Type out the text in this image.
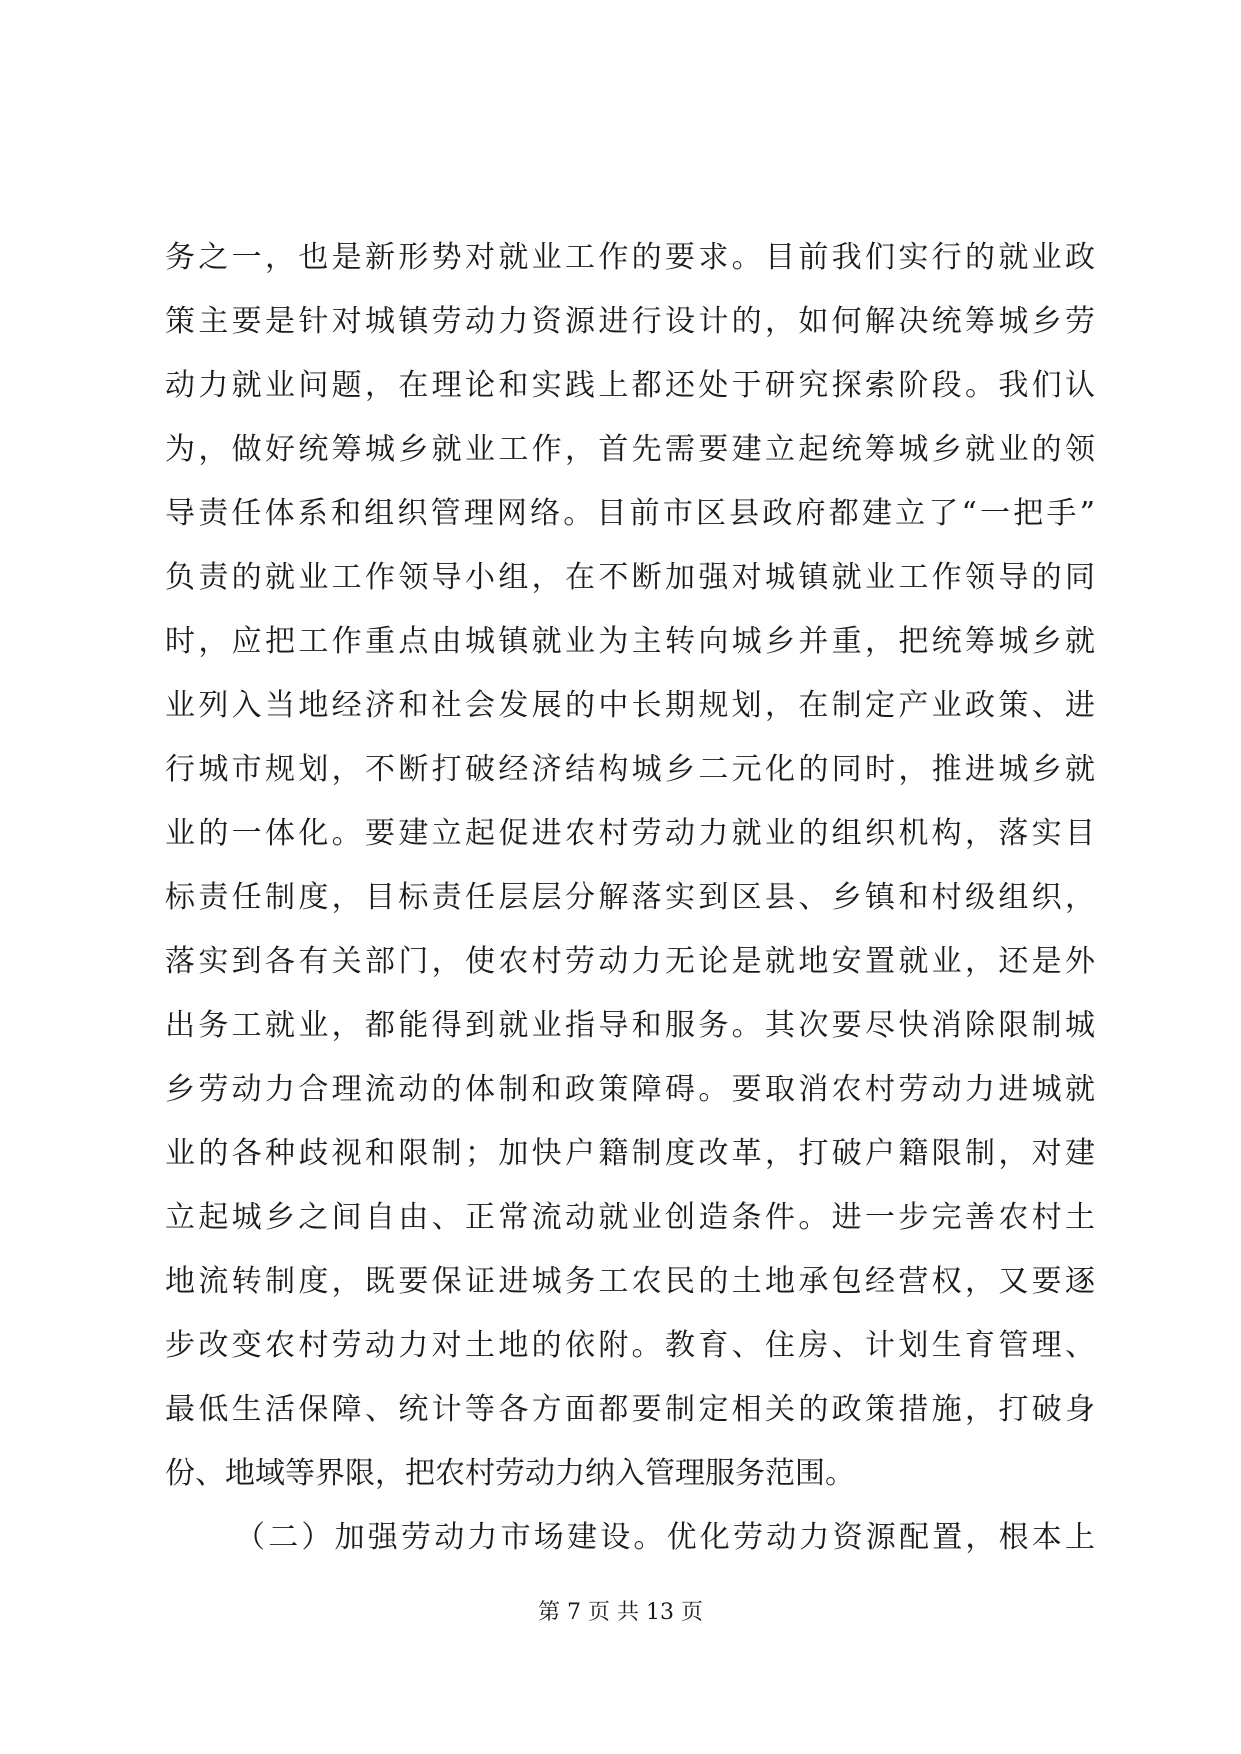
务之一，也是新形势对就业工作的要求。目前我们实行的就业政
策主要是针对城镇劳动力资源进行设计的，如何解决统筹城乡劳
动力就业问题，在理论和实践上都还处于研究探索阶段。我们认
为，做好统筹城乡就业工作，首先需要建立起统筹城乡就业的领
导责任体系和组织管理网络。目前市区县政府都建立了“一把手”
负责的就业工作领导小组，在不断加强对城镇就业工作领导的同
时，应把工作重点由城镇就业为主转向城乡并重，把统筹城乡就
业列入当地经济和社会发展的中长期规划，在制定产业政策、进
行城市规划，不断打破经济结构城乡二元化的同时，推进城乡就
业的一体化。要建立起促进农村劳动力就业的组织机构，落实目
标责任制度，目标责任层层分解落实到区县、乡镇和村级组织，
落实到各有关部门，使农村劳动力无论是就地安置就业，还是外
出务工就业，都能得到就业指导和服务。其次要尽快消除限制城
乡劳动力合理流动的体制和政策障碍。要取消农村劳动力进城就
业的各种歧视和限制；加快户籍制度改革，打破户籍限制，对建
立起城乡之间自由、正常流动就业创造条件。进一步完善农村土
地流转制度，既要保证进城务工农民的土地承包经营权，又要逐
步改变农村劳动力对土地的依附。教育、住房、计划生育管理、
最低生活保障、统计等各方面都要制定相关的政策措施，打破身
份、地域等界限，把农村劳动力纳入管理服务范围。
（二）加强劳动力市场建设。优化劳动力资源配置，根本上
第 7 页 共 13 页
